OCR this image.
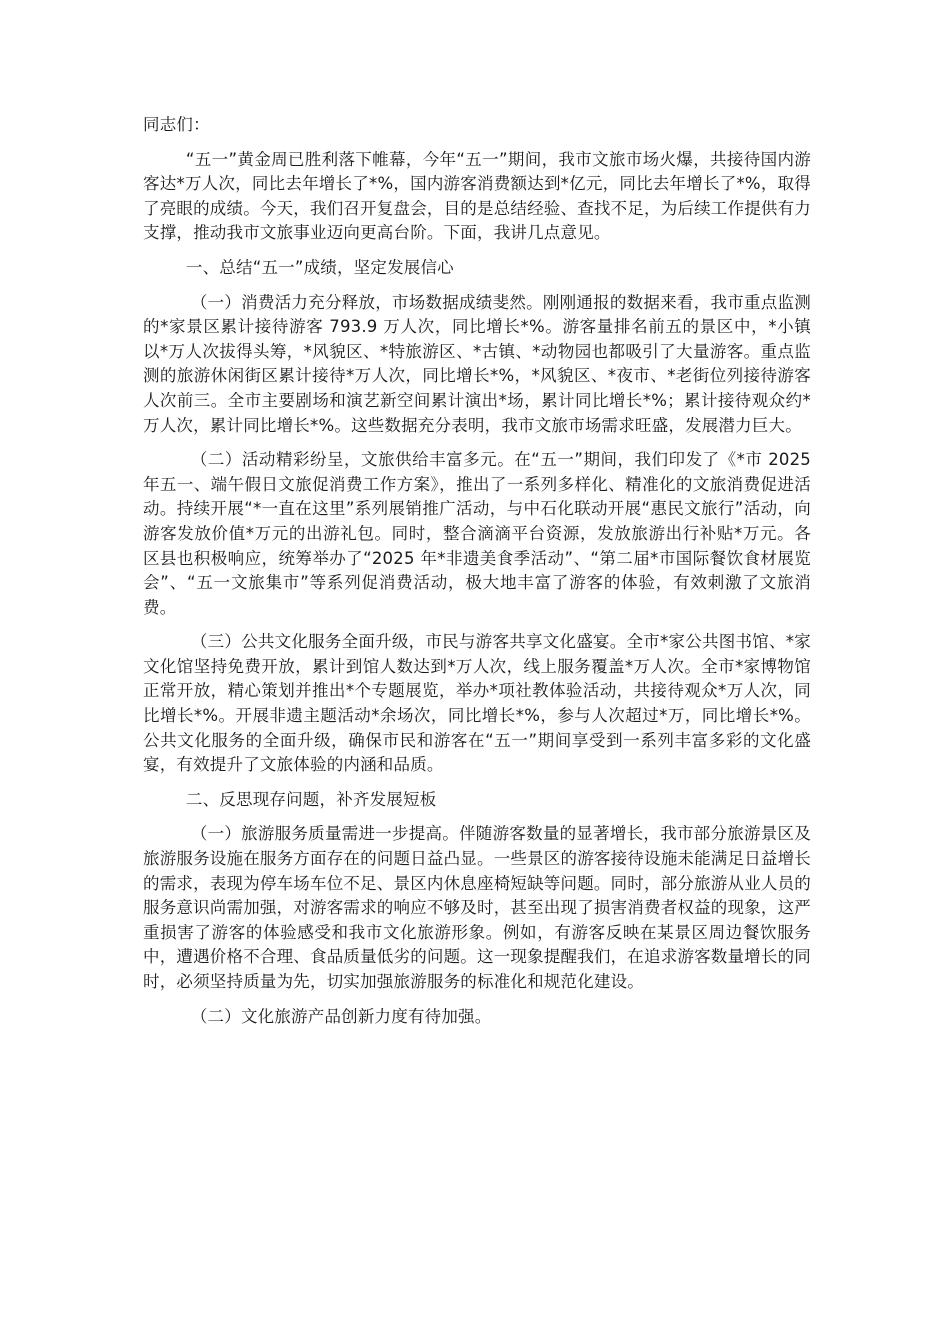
同志们：

“五一”黄金周已胜利落下帷幕，今年“五一”期间，我市文旅市场火爆，共接待国内游客达*万人次，同比去年增长了*%，国内游客消费额达到*亿元，同比去年增长了*%，取得了亮眼的成绩。今天，我们召开复盘会，目的是总结经验、查找不足，为后续工作提供有力支撑，推动我市文旅事业迈向更高台阶。下面，我讲几点意见。

一、总结“五一”成绩，坚定发展信心

（一）消费活力充分释放，市场数据成绩斐然。刚刚通报的数据来看，我市重点监测的*家景区累计接待游客 793.9 万人次，同比增长*%。游客量排名前五的景区中，*小镇以*万人次拔得头筹，*风貌区、*特旅游区、*古镇、*动物园也都吸引了大量游客。重点监测的旅游休闲街区累计接待*万人次，同比增长*%，*风貌区、*夜市、*老街位列接待游客人次前三。全市主要剧场和演艺新空间累计演出*场，累计同比增长*%；累计接待观众约*万人次，累计同比增长*%。这些数据充分表明，我市文旅市场需求旺盛，发展潜力巨大。

（二）活动精彩纷呈，文旅供给丰富多元。在“五一”期间，我们印发了《*市 2025 年五一、端午假日文旅促消费工作方案》，推出了一系列多样化、精准化的文旅消费促进活动。持续开展“*一直在这里”系列展销推广活动，与中石化联动开展“惠民文旅行”活动，向游客发放价值*万元的出游礼包。同时，整合滴滴平台资源，发放旅游出行补贴*万元。各区县也积极响应，统筹举办了“2025 年*非遗美食季活动”、“第二届*市国际餐饮食材展览会”、“五一文旅集市”等系列促消费活动，极大地丰富了游客的体验，有效刺激了文旅消费。

（三）公共文化服务全面升级，市民与游客共享文化盛宴。全市*家公共图书馆、*家文化馆坚持免费开放，累计到馆人数达到*万人次，线上服务覆盖*万人次。全市*家博物馆正常开放，精心策划并推出*个专题展览，举办*项社教体验活动，共接待观众*万人次，同比增长*%。开展非遗主题活动*余场次，同比增长*%，参与人次超过*万，同比增长*%。公共文化服务的全面升级，确保市民和游客在“五一”期间享受到一系列丰富多彩的文化盛宴，有效提升了文旅体验的内涵和品质。

二、反思现存问题，补齐发展短板

（一）旅游服务质量需进一步提高。伴随游客数量的显著增长，我市部分旅游景区及旅游服务设施在服务方面存在的问题日益凸显。一些景区的游客接待设施未能满足日益增长的需求，表现为停车场车位不足、景区内休息座椅短缺等问题。同时，部分旅游从业人员的服务意识尚需加强，对游客需求的响应不够及时，甚至出现了损害消费者权益的现象，这严重损害了游客的体验感受和我市文化旅游形象。例如，有游客反映在某景区周边餐饮服务中，遭遇价格不合理、食品质量低劣的问题。这一现象提醒我们，在追求游客数量增长的同时，必须坚持质量为先，切实加强旅游服务的标准化和规范化建设。

（二）文化旅游产品创新力度有待加强。
